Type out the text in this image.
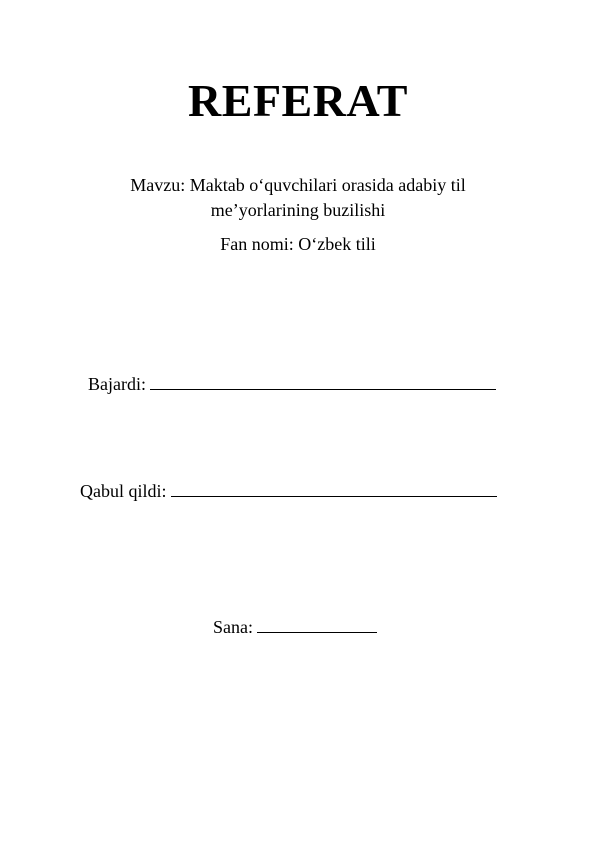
REFERAT
Mavzu: Maktab o‘quvchilari orasida adabiy til
me’yorlarining buzilishi
Fan nomi: O‘zbek tili
Bajardi:
Qabul qildi:
Sana:
